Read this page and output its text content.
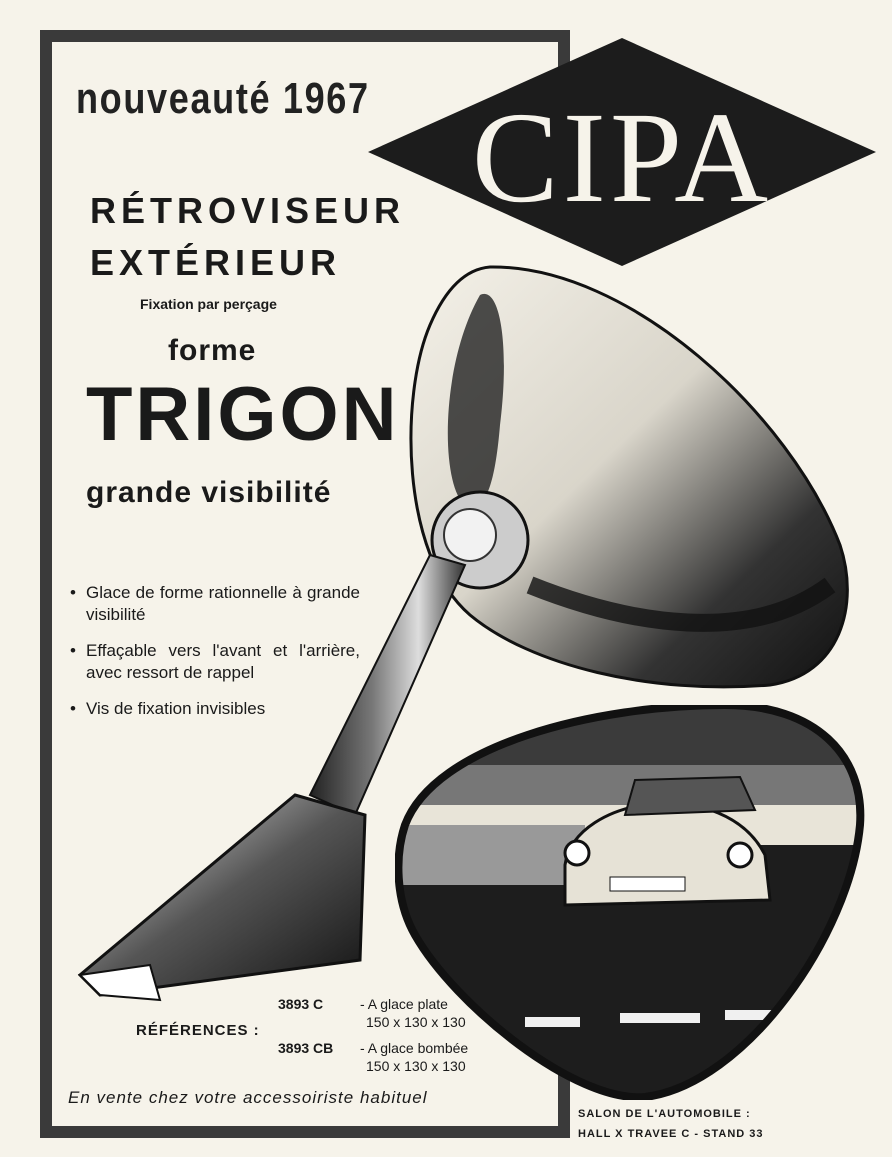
nouveauté 1967 CIPA
RÉTROVISEUR
EXTÉRIEUR
Fixation par perçage
forme
TRIGON
grande visibilité
• Glace de forme rationnelle à grande visibilité
• Effaçable vers l'avant et l'arrière, avec ressort de rappel
• Vis de fixation invisibles
RÉFÉRENCES :
3893 C	- A glace plate
150 x 130 x 130
3893 CB - A glace bombée
150 x 130 x 130
En vente chez votre accessoiriste habituel
SALON DE L'AUTOMOBILE :
HALL X TRAVEE C - STAND 33
